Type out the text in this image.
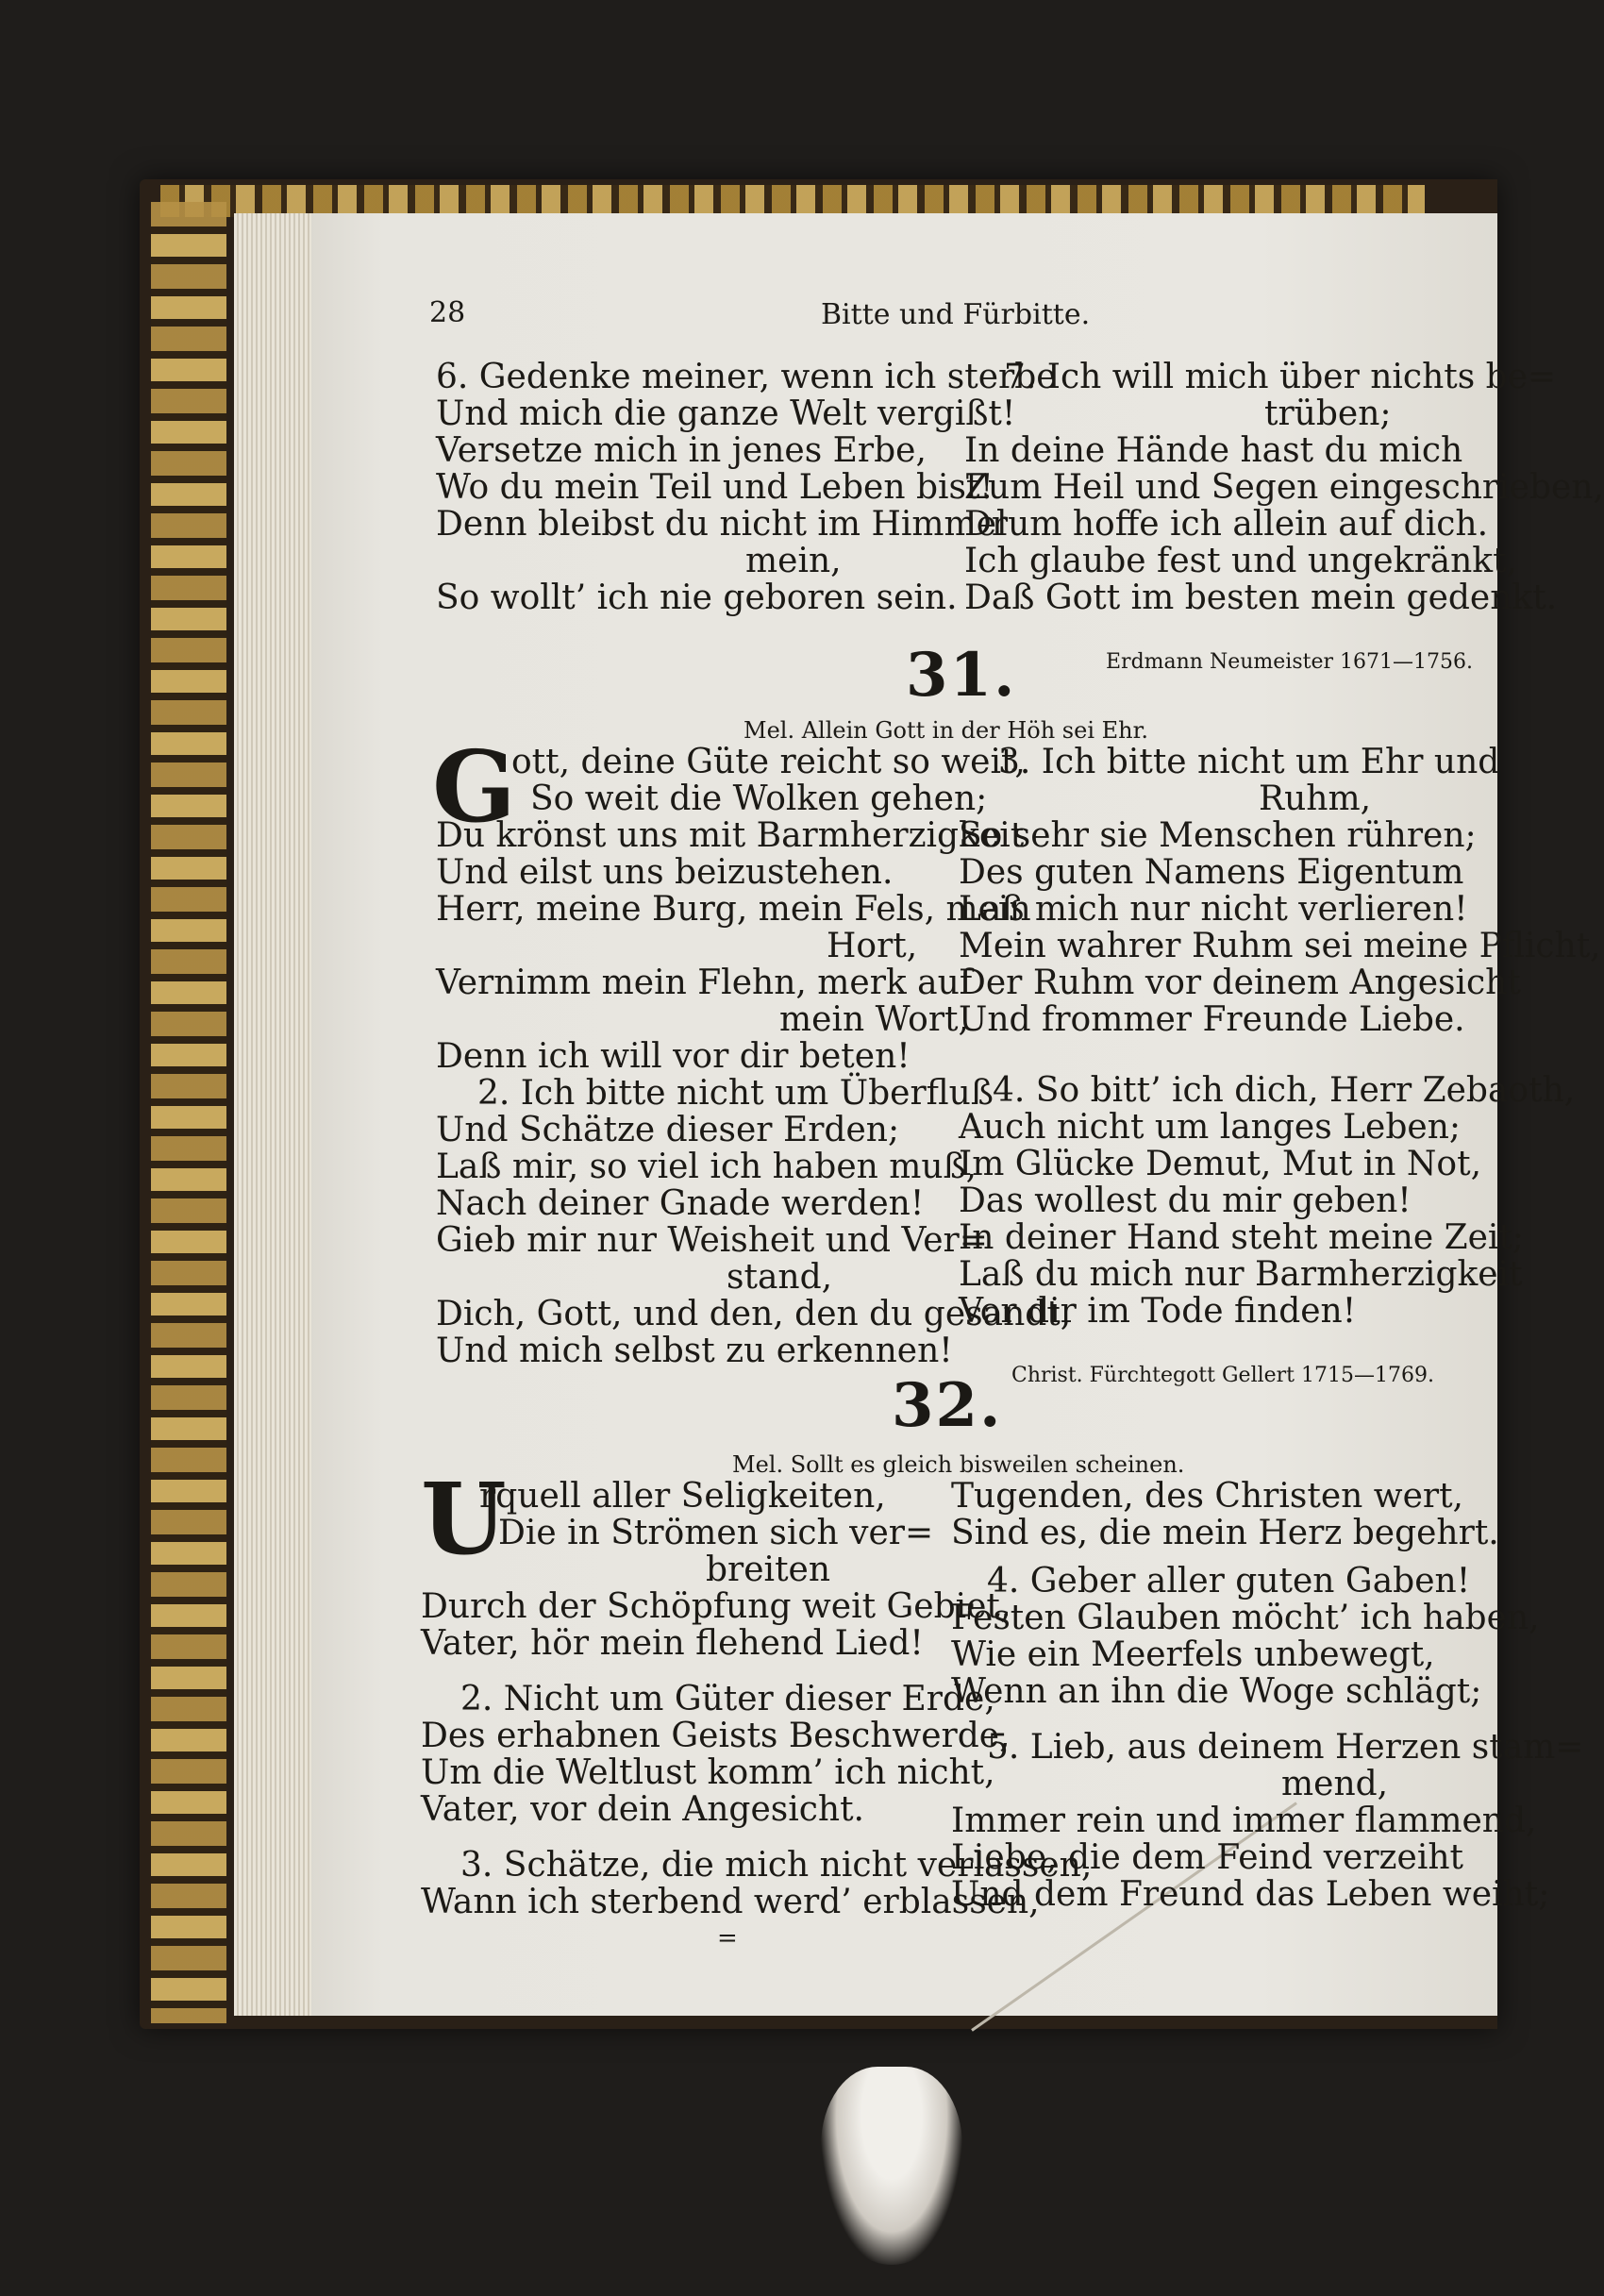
28	Bitte und Fürbitte.
6. Gedenke meiner, wenn ich sterbe
Und mich die ganze Welt vergißt!
Versetze mich in jenes Erbe,
Wo du mein Teil und Leben bist!
Denn bleibst du nicht im Himmel
mein,
So wollt’ ich nie geboren sein.
7. Ich will mich über nichts be=
trüben;
In deine Hände hast du mich
Zum Heil und Segen eingeschrieben,
Drum hoffe ich allein auf dich.
Ich glaube fest und ungekränkt,
Daß Gott im besten mein gedenkt.
Erdmann Neumeister 1671—1756.
31.
Mel. Allein Gott in der Höh sei Ehr.
G
ott, deine Güte reicht so weit,
So weit die Wolken gehen;
Du krönst uns mit Barmherzigkeit
Und eilst uns beizustehen.
Herr, meine Burg, mein Fels, mein
Hort,
Vernimm mein Flehn, merk auf
mein Wort,
Denn ich will vor dir beten!
2. Ich bitte nicht um Überfluß
Und Schätze dieser Erden;
Laß mir, so viel ich haben muß,
Nach deiner Gnade werden!
Gieb mir nur Weisheit und Ver=
stand,
Dich, Gott, und den, den du gesandt,
Und mich selbst zu erkennen!
3. Ich bitte nicht um Ehr und
Ruhm,
So sehr sie Menschen rühren;
Des guten Namens Eigentum
Laß mich nur nicht verlieren!
Mein wahrer Ruhm sei meine Pflicht,
Der Ruhm vor deinem Angesicht
Und frommer Freunde Liebe.
4. So bitt’ ich dich, Herr Zebaoth,
Auch nicht um langes Leben;
Im Glücke Demut, Mut in Not,
Das wollest du mir geben!
In deiner Hand steht meine Zeit;
Laß du mich nur Barmherzigkeit
Vor dir im Tode finden!
Christ. Fürchtegott Gellert 1715—1769.
32.
Mel. Sollt es gleich bisweilen scheinen.
U
rquell aller Seligkeiten,
Die in Strömen sich ver=
breiten
Durch der Schöpfung weit Gebiet,
Vater, hör mein flehend Lied!
2. Nicht um Güter dieser Erde,
Des erhabnen Geists Beschwerde,
Um die Weltlust komm’ ich nicht,
Vater, vor dein Angesicht.
3. Schätze, die mich nicht verlassen,
Wann ich sterbend werd’ erblassen,
Tugenden, des Christen wert,
Sind es, die mein Herz begehrt.
4. Geber aller guten Gaben!
Festen Glauben möcht’ ich haben,
Wie ein Meerfels unbewegt,
Wenn an ihn die Woge schlägt;
5. Lieb, aus deinem Herzen stam=
mend,
Immer rein und immer flammend,
Liebe, die dem Feind verzeiht
Und dem Freund das Leben weiht;
=
